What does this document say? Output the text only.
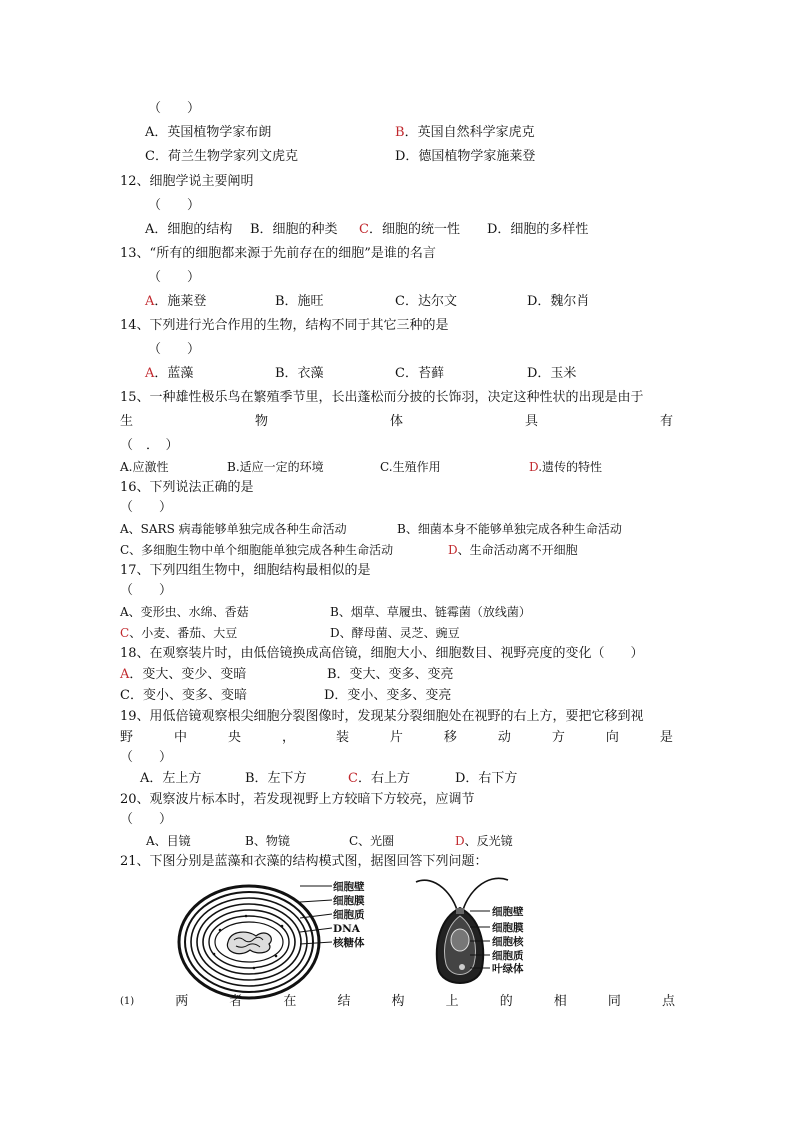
（　　）
A．英国植物学家布朗	B．英国自然科学家虎克
C．荷兰生物学家列文虎克	D．德国植物学家施莱登
12、细胞学说主要阐明
（　　）
A．细胞的结构 B．细胞的种类 C．细胞的统一性 D．细胞的多样性
13、“所有的细胞都来源于先前存在的细胞”是谁的名言
（　　）
A．施莱登	B．施旺	C．达尔文	D．魏尔肖
14、下列进行光合作用的生物，结构不同于其它三种的是
（　　）
A．蓝藻	B．衣藻	C．苔藓	D．玉米
15、一种雄性极乐鸟在繁殖季节里，长出蓬松而分披的长饰羽，决定这种性状的出现是由于
生	物	体	具	有
（　．　）
A.应激性	B.适应一定的环境	C.生殖作用	D.遗传的特性
16、下列说法正确的是
（　　）
A、SARS 病毒能够单独完成各种生命活动	B、细菌本身不能够单独完成各种生命活动
C、多细胞生物中单个细胞能单独完成各种生命活动	D、生命活动离不开细胞
17、下列四组生物中，细胞结构最相似的是
（　　）
A、变形虫、水绵、香菇	B、烟草、草履虫、链霉菌（放线菌）
C、小麦、番茄、大豆	D、酵母菌、灵芝、豌豆
18、在观察装片时，由低倍镜换成高倍镜，细胞大小、细胞数目、视野亮度的变化（　　）
A．变大、变少、变暗	B．变大、变多、变亮
C．变小、变多、变暗	D．变小、变多、变亮
19、用低倍镜观察根尖细胞分裂图像时，发现某分裂细胞处在视野的右上方，要把它移到视
野	中	央	，	装	片	移	动	方	向	是
（　　）
A．左上方	B．左下方	C．右上方	D．右下方
20、观察波片标本时，若发现视野上方较暗下方较亮，应调节
（　　）
A、目镜	B、物镜	C、光圈	D、反光镜
21、下图分别是蓝藻和衣藻的结构模式图，据图回答下列问题：
细胞壁
细胞膜
细胞质
DNA
核糖体
细胞壁
细胞膜
细胞核
细胞质
叶绿体
(1)	两	者	在	结	构	上	的	相	同	点
